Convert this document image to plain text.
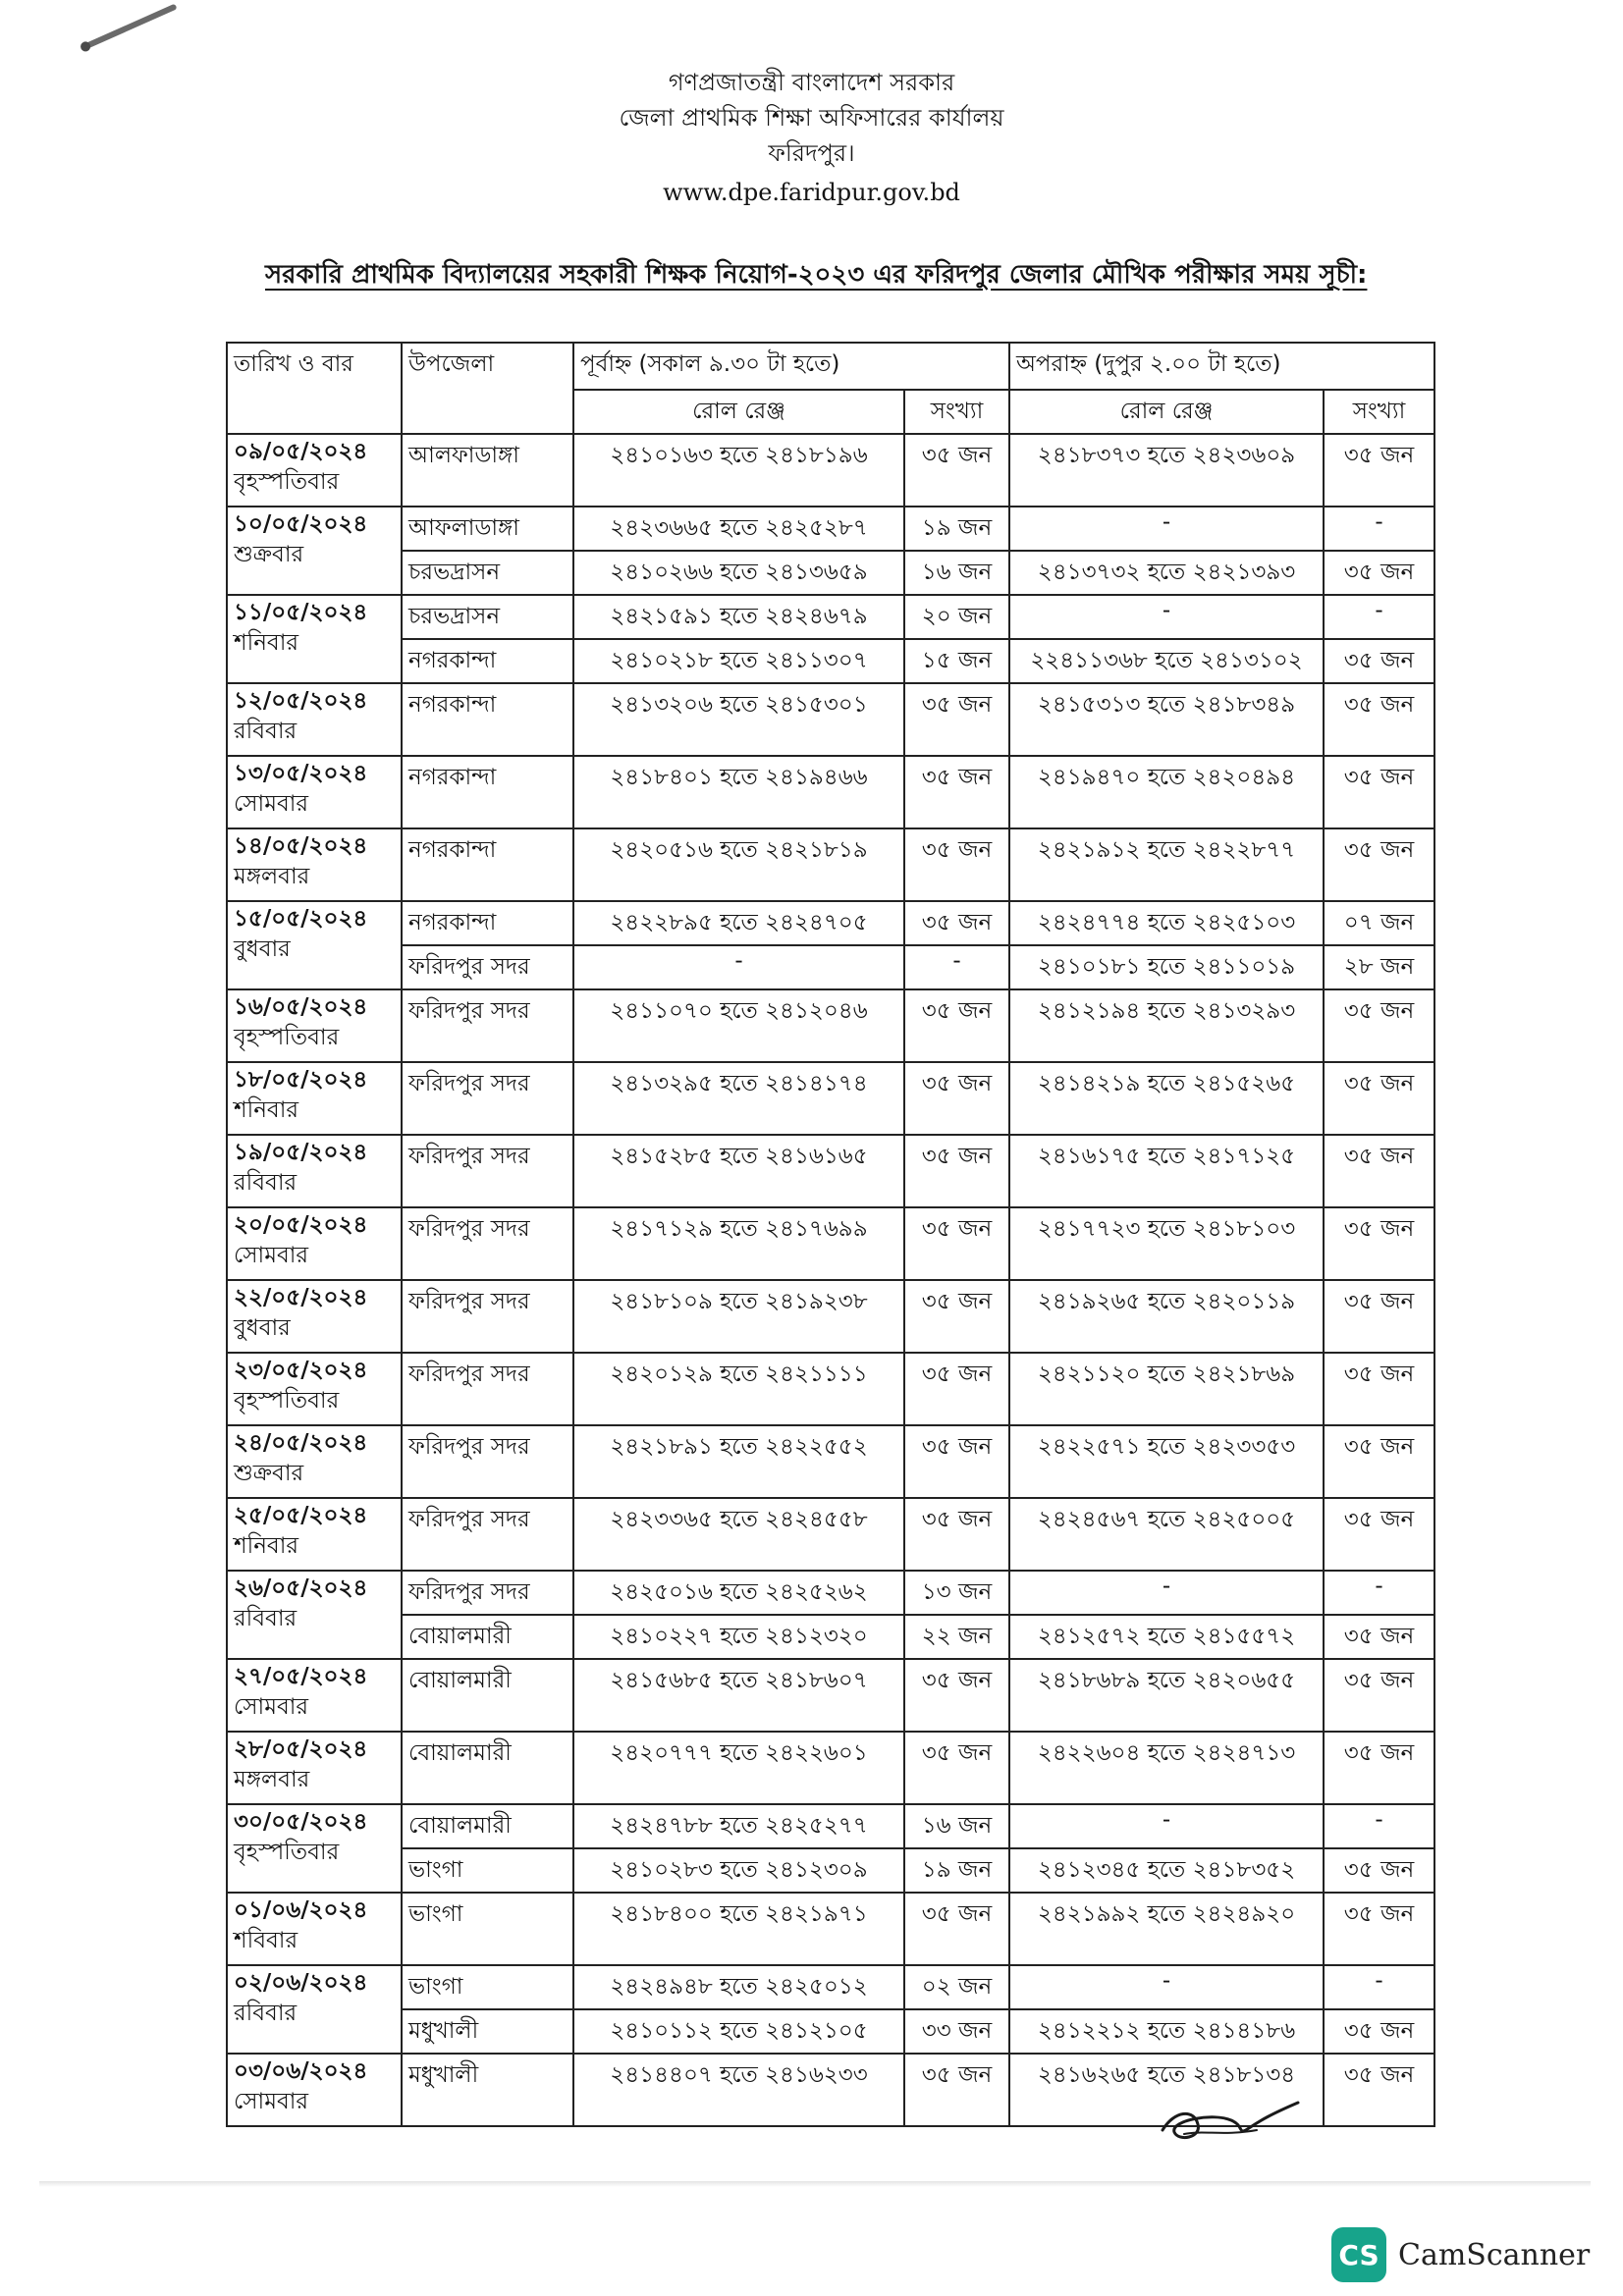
গণপ্রজাতন্ত্রী বাংলাদেশ সরকার
জেলা প্রাথমিক শিক্ষা অফিসারের কার্যালয়
ফরিদপুর।
www.dpe.faridpur.gov.bd
সরকারি প্রাথমিক বিদ্যালয়ের সহকারী শিক্ষক নিয়োগ-২০২৩ এর ফরিদপুর জেলার মৌখিক পরীক্ষার সময় সূচী:
তারিখ ও বার	উপজেলা	পূর্বাহ্ন (সকাল ৯.৩০ টা হতে)		অপরাহ্ন (দুপুর ২.০০ টা হতে)	
		রোল রেঞ্জ	সংখ্যা	রোল রেঞ্জ	সংখ্যা

০৯/০৫/২০২৪
বৃহস্পতিবার	আলফাডাঙ্গা	২৪১০১৬৩ হতে ২৪১৮১৯৬	৩৫ জন	২৪১৮৩৭৩ হতে ২৪২৩৬০৯	৩৫ জন

১০/০৫/২০২৪
শুক্রবার	আফলাডাঙ্গা	২৪২৩৬৬৫ হতে ২৪২৫২৮৭	১৯ জন	-	-
	চরভদ্রাসন	২৪১০২৬৬ হতে ২৪১৩৬৫৯	১৬ জন	২৪১৩৭৩২ হতে ২৪২১৩৯৩	৩৫ জন

১১/০৫/২০২৪
শনিবার	চরভদ্রাসন	২৪২১৫৯১ হতে ২৪২৪৬৭৯	২০ জন	-	-
	নগরকান্দা	২৪১০২১৮ হতে ২৪১১৩০৭	১৫ জন	২২৪১১৩৬৮ হতে ২৪১৩১০২	৩৫ জন

১২/০৫/২০২৪
রবিবার	নগরকান্দা	২৪১৩২০৬ হতে ২৪১৫৩০১	৩৫ জন	২৪১৫৩১৩ হতে ২৪১৮৩৪৯	৩৫ জন

১৩/০৫/২০২৪
সোমবার	নগরকান্দা	২৪১৮৪০১ হতে ২৪১৯৪৬৬	৩৫ জন	২৪১৯৪৭০ হতে ২৪২০৪৯৪	৩৫ জন

১৪/০৫/২০২৪
মঙ্গলবার	নগরকান্দা	২৪২০৫১৬ হতে ২৪২১৮১৯	৩৫ জন	২৪২১৯১২ হতে ২৪২২৮৭৭	৩৫ জন

১৫/০৫/২০২৪
বুধবার	নগরকান্দা	২৪২২৮৯৫ হতে ২৪২৪৭০৫	৩৫ জন	২৪২৪৭৭৪ হতে ২৪২৫১০৩	০৭ জন
	ফরিদপুর সদর	-	-	২৪১০১৮১ হতে ২৪১১০১৯	২৮ জন

১৬/০৫/২০২৪
বৃহস্পতিবার	ফরিদপুর সদর	২৪১১০৭০ হতে ২৪১২০৪৬	৩৫ জন	২৪১২১৯৪ হতে ২৪১৩২৯৩	৩৫ জন

১৮/০৫/২০২৪
শনিবার	ফরিদপুর সদর	২৪১৩২৯৫ হতে ২৪১৪১৭৪	৩৫ জন	২৪১৪২১৯ হতে ২৪১৫২৬৫	৩৫ জন

১৯/০৫/২০২৪
রবিবার	ফরিদপুর সদর	২৪১৫২৮৫ হতে ২৪১৬১৬৫	৩৫ জন	২৪১৬১৭৫ হতে ২৪১৭১২৫	৩৫ জন

২০/০৫/২০২৪
সোমবার	ফরিদপুর সদর	২৪১৭১২৯ হতে ২৪১৭৬৯৯	৩৫ জন	২৪১৭৭২৩ হতে ২৪১৮১০৩	৩৫ জন

২২/০৫/২০২৪
বুধবার	ফরিদপুর সদর	২৪১৮১০৯ হতে ২৪১৯২৩৮	৩৫ জন	২৪১৯২৬৫ হতে ২৪২০১১৯	৩৫ জন

২৩/০৫/২০২৪
বৃহস্পতিবার	ফরিদপুর সদর	২৪২০১২৯ হতে ২৪২১১১১	৩৫ জন	২৪২১১২০ হতে ২৪২১৮৬৯	৩৫ জন

২৪/০৫/২০২৪
শুক্রবার	ফরিদপুর সদর	২৪২১৮৯১ হতে ২৪২২৫৫২	৩৫ জন	২৪২২৫৭১ হতে ২৪২৩৩৫৩	৩৫ জন

২৫/০৫/২০২৪
শনিবার	ফরিদপুর সদর	২৪২৩৩৬৫ হতে ২৪২৪৫৫৮	৩৫ জন	২৪২৪৫৬৭ হতে ২৪২৫০০৫	৩৫ জন

২৬/০৫/২০২৪
রবিবার	ফরিদপুর সদর	২৪২৫০১৬ হতে ২৪২৫২৬২	১৩ জন	-	-
	বোয়ালমারী	২৪১০২২৭ হতে ২৪১২৩২০	২২ জন	২৪১২৫৭২ হতে ২৪১৫৫৭২	৩৫ জন

২৭/০৫/২০২৪
সোমবার	বোয়ালমারী	২৪১৫৬৮৫ হতে ২৪১৮৬০৭	৩৫ জন	২৪১৮৬৮৯ হতে ২৪২০৬৫৫	৩৫ জন

২৮/০৫/২০২৪
মঙ্গলবার	বোয়ালমারী	২৪২০৭৭৭ হতে ২৪২২৬০১	৩৫ জন	২৪২২৬০৪ হতে ২৪২৪৭১৩	৩৫ জন

৩০/০৫/২০২৪
বৃহস্পতিবার	বোয়ালমারী	২৪২৪৭৮৮ হতে ২৪২৫২৭৭	১৬ জন	-	-
	ভাংগা	২৪১০২৮৩ হতে ২৪১২৩০৯	১৯ জন	২৪১২৩৪৫ হতে ২৪১৮৩৫২	৩৫ জন

০১/০৬/২০২৪
শবিবার	ভাংগা	২৪১৮৪০০ হতে ২৪২১৯৭১	৩৫ জন	২৪২১৯৯২ হতে ২৪২৪৯২০	৩৫ জন

০২/০৬/২০২৪
রবিবার	ভাংগা	২৪২৪৯৪৮ হতে ২৪২৫০১২	০২ জন	-	-
	মধুখালী	২৪১০১১২ হতে ২৪১২১০৫	৩৩ জন	২৪১২২১২ হতে ২৪১৪১৮৬	৩৫ জন

০৩/০৬/২০২৪
সোমবার	মধুখালী	২৪১৪৪০৭ হতে ২৪১৬২৩৩	৩৫ জন	২৪১৬২৬৫ হতে ২৪১৮১৩৪	৩৫ জন
CS CamScanner
